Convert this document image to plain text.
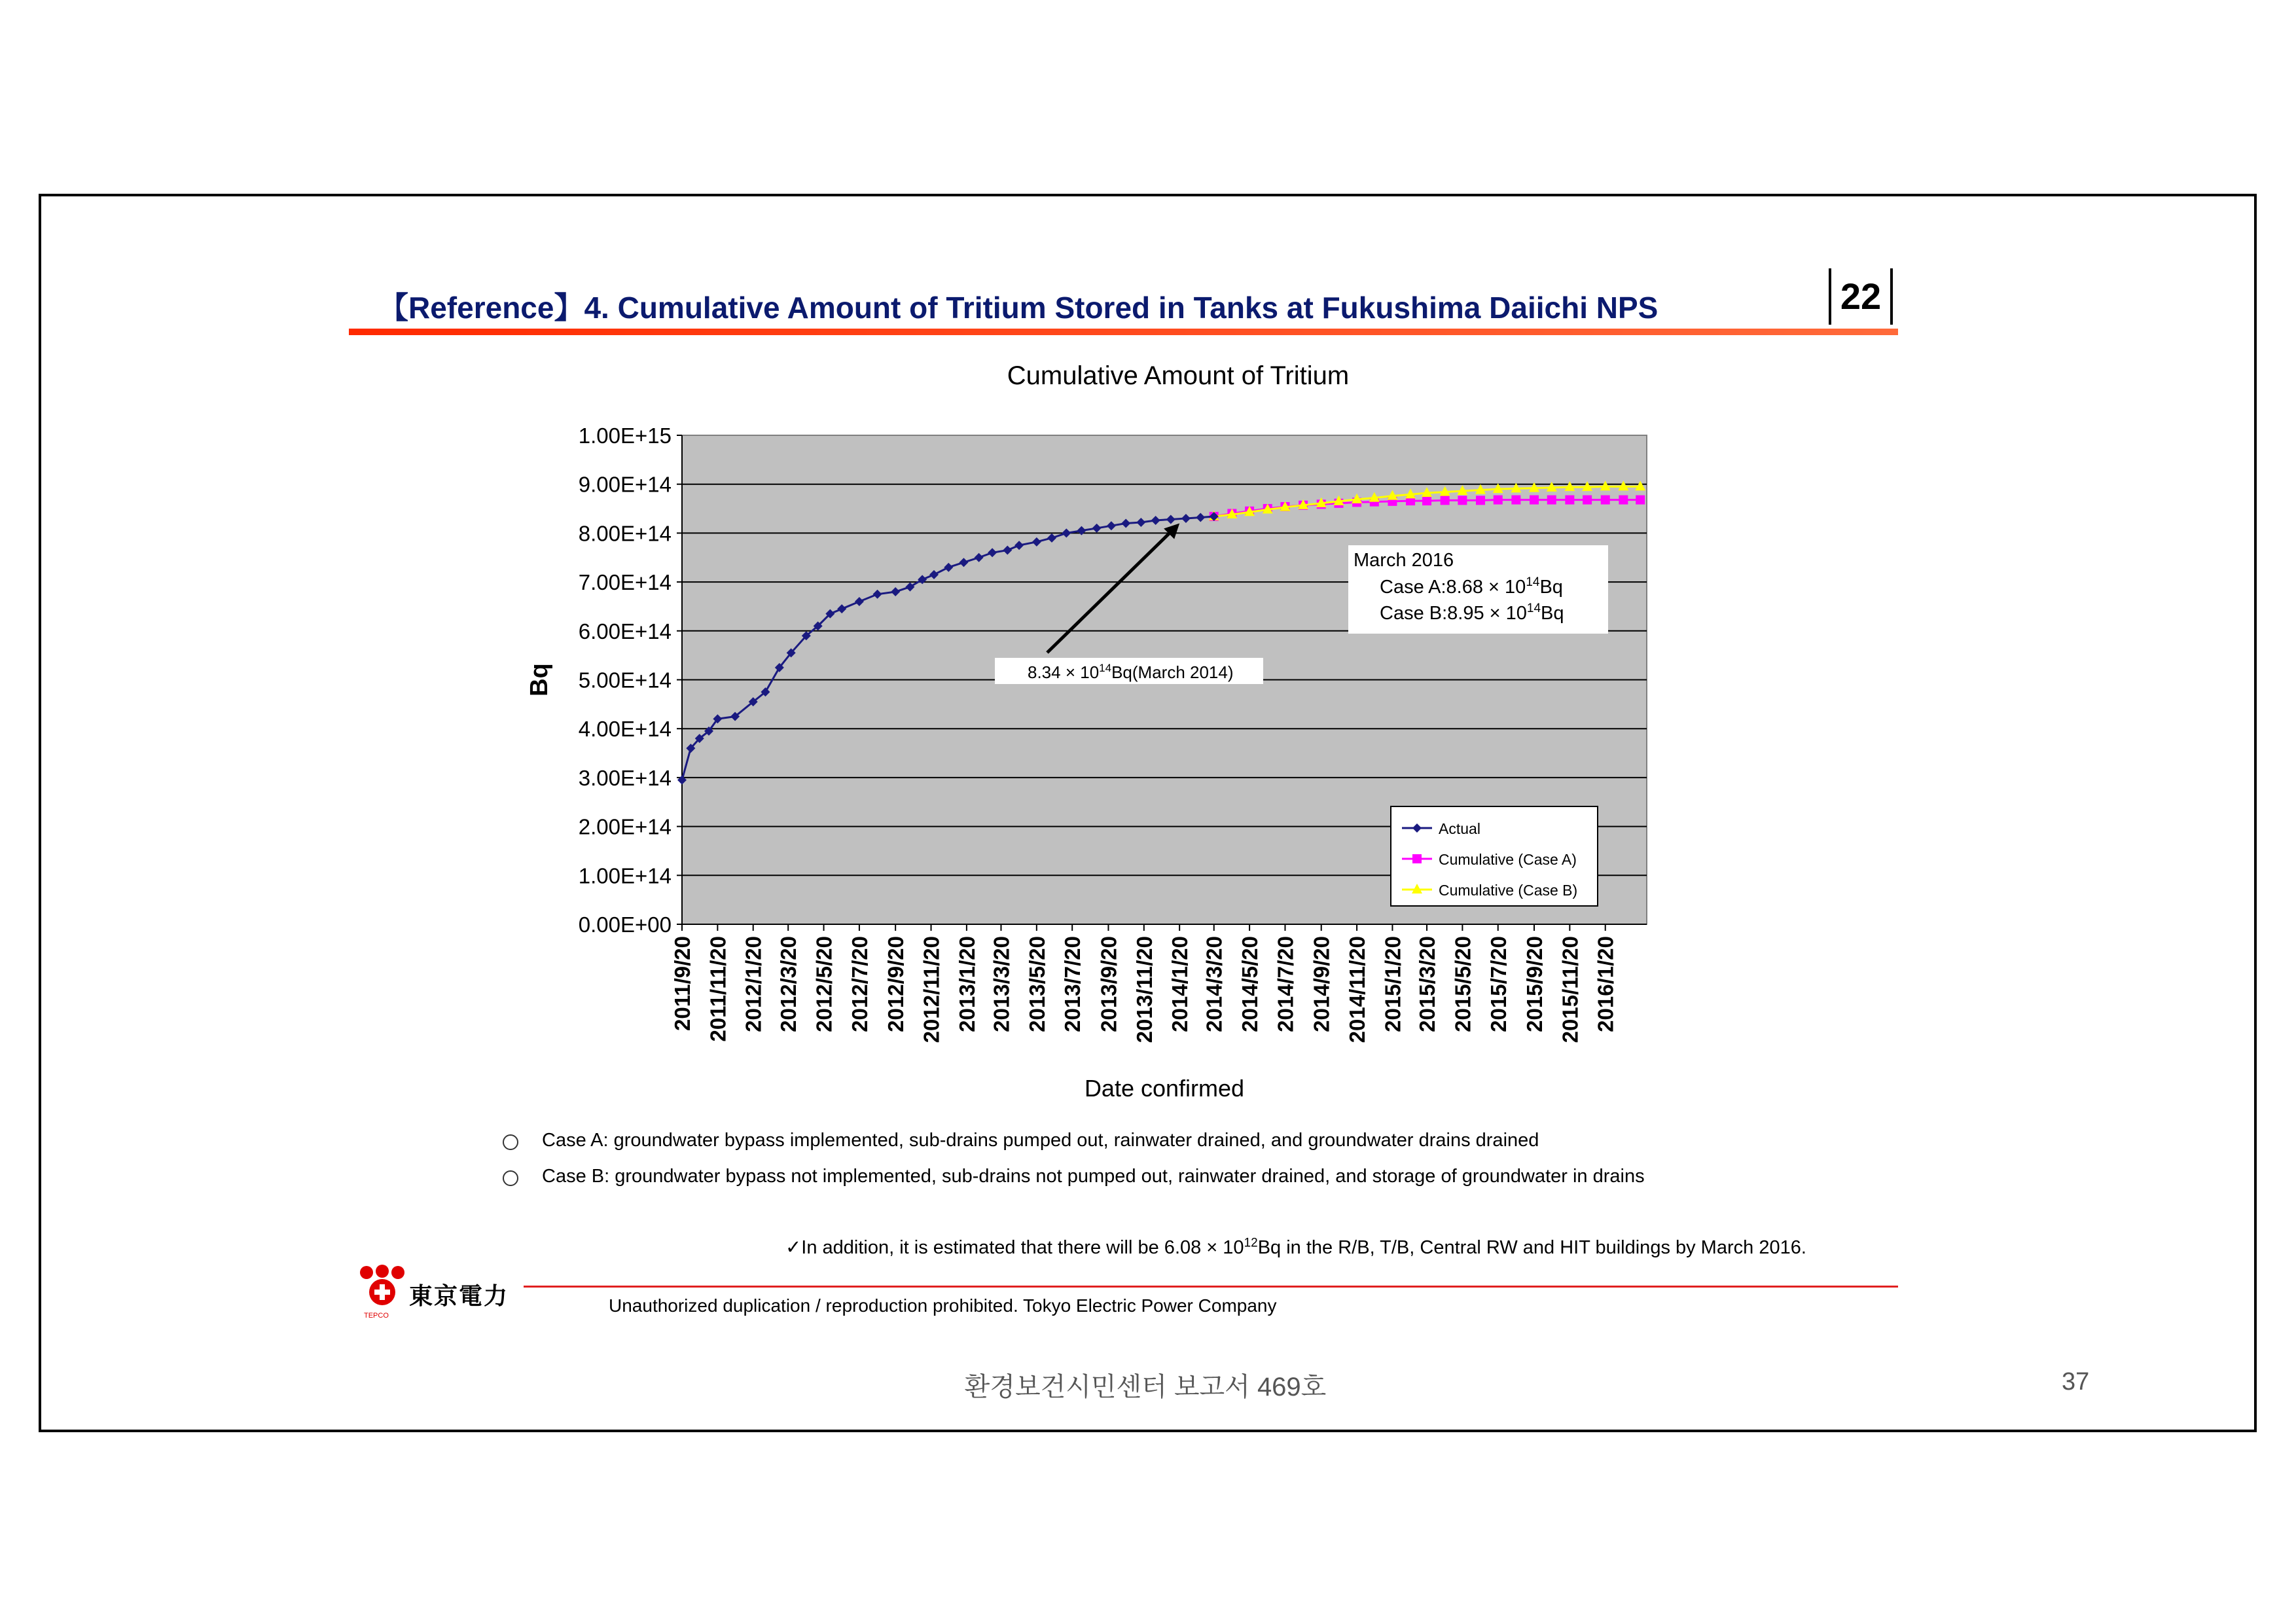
【Reference】4. Cumulative Amount of Tritium Stored in Tanks at Fukushima Daiichi NPS	22
Cumulative Amount of Tritium
0.00E+00
1.00E+14
2.00E+14
3.00E+14
4.00E+14
5.00E+14
6.00E+14
7.00E+14
8.00E+14
9.00E+14
1.00E+15
2011/9/20 2011/11/20 2012/1/20 2012/3/20 2012/5/20 2012/7/20 2012/9/20 2012/11/20 2013/1/20 2013/3/20 2013/5/20 2013/7/20 2013/9/20 2013/11/20 2014/1/20 2014/3/20 2014/5/20 2014/7/20 2014/9/20 2014/11/20 2015/1/20 2015/3/20 2015/5/20 2015/7/20 2015/9/20 2015/11/20 2016/1/20
Bq
Date confirmed
$8.34 \times 10^{14}Bq(March$ 2014)
March 2016
Case A:8.68 × $10^{14}Bq$
Case B:8.95 × $10^{14}Bq$
Actual
Cumulative (Case A)
Cumulative (Case B)
Case A: groundwater bypass implemented, sub-drains pumped out, rainwater drained, and groundwater drains drained
Case B: groundwater bypass not implemented, sub-drains not pumped out, rainwater drained, and storage of groundwater in drains
✓In addition, it is estimated that there will be $6.08 \times 10^{12}Bq$ in the R/B, T/B, Central RW and HIT buildings by March 2016.
TEPCO
東京電力	Unauthorized duplication / reproduction prohibited. Tokyo Electric Power Company
환경보건시민센터 보고서 469호	37
